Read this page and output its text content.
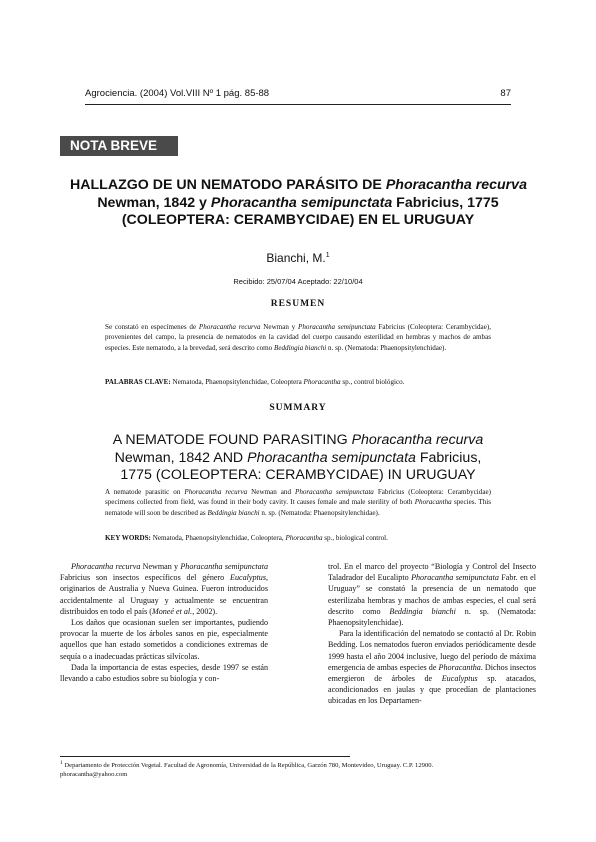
Agrociencia. (2004) Vol.VIII Nº 1 pág. 85-88	87
NOTA BREVE
HALLAZGO DE UN NEMATODO PARÁSITO DE Phoracantha recurva
Newman, 1842 y Phoracantha semipunctata Fabricius, 1775
(COLEOPTERA: CERAMBYCIDAE) EN EL URUGUAY
Bianchi, M.$^1$
Recibido: 25/07/04 Aceptado: 22/10/04
RESUMEN
Se constató en especímenes de Phoracantha recurva Newman y Phoracantha semipunctata Fabricius (Coleoptera: Cerambycidae), provenientes del campo, la presencia de nematodos en la cavidad del cuerpo causando esterilidad en hembras y machos de ambas especies. Este nematodo, a la brevedad, será descrito como Beddingia bianchi n. sp. (Nematoda: Phaenopsitylenchidae).
PALABRAS CLAVE: Nematoda, Phaenopsitylenchidae, Coleoptera Phoracantha sp., control biológico.
SUMMARY
A NEMATODE FOUND PARASITING Phoracantha recurva
Newman, 1842 AND Phoracantha semipunctata Fabricius,
1775 (COLEOPTERA: CERAMBYCIDAE) IN URUGUAY
A nematode parasitic on Phoracantha recurva Newman and Phoracantha semipunctata Fabricius (Coleoptera: Cerambycidae) specimens collected from field, was found in their body cavity. It causes female and male sterility of both Phoracantha species. This nematode will soon be described as Beddingia bianchi n. sp. (Nematoda: Phaenopsitylenchidae).
KEY WORDS: Nematoda, Phaenopsitylenchidae, Coleoptera, Phoracantha sp., biological control.

Phoracantha recurva Newman y Phoracantha semipunctata Fabricius son insectos específicos del género Eucalyptus, originarios de Australia y Nueva Guinea. Fueron introducidos accidentalmente al Uruguay y actualmente se encuentran distribuidos en todo el país (Moneé et al., 2002).

Los daños que ocasionan suelen ser importantes, pudiendo provocar la muerte de los árboles sanos en pie, especialmente aquellos que han estado sometidos a condiciones extremas de sequía o a inadecuadas prácticas silvícolas.

Dada la importancia de estas especies, desde 1997 se están llevando a cabo estudios sobre su biología y con-

trol. En el marco del proyecto “Biología y Control del Insecto Taladrador del Eucalipto Phoracantha semipunctata Fabr. en el Uruguay” se constató la presencia de un nematodo que esterilizaba hembras y machos de ambas especies, el cual será descrito como Beddingia bianchi n. sp. (Nematoda: Phaenopsitylenchidae).

Para la identificación del nematodo se contactó al Dr. Robin Bedding. Los nematodos fueron enviados periódicamente desde 1999 hasta el año 2004 inclusive, luego del período de máxima emergencia de ambas especies de Phoracantha. Dichos insectos emergieron de árboles de Eucalyptus sp. atacados, acondicionados en jaulas y que procedían de plantaciones ubicadas en los Departamen-

$^1$ Departamento de Protección Vegetal. Facultad de Agronomía, Universidad de la República, Garzón 780, Montevideo, Uruguay. C.P. 12900.
phoracantha@yahoo.com
